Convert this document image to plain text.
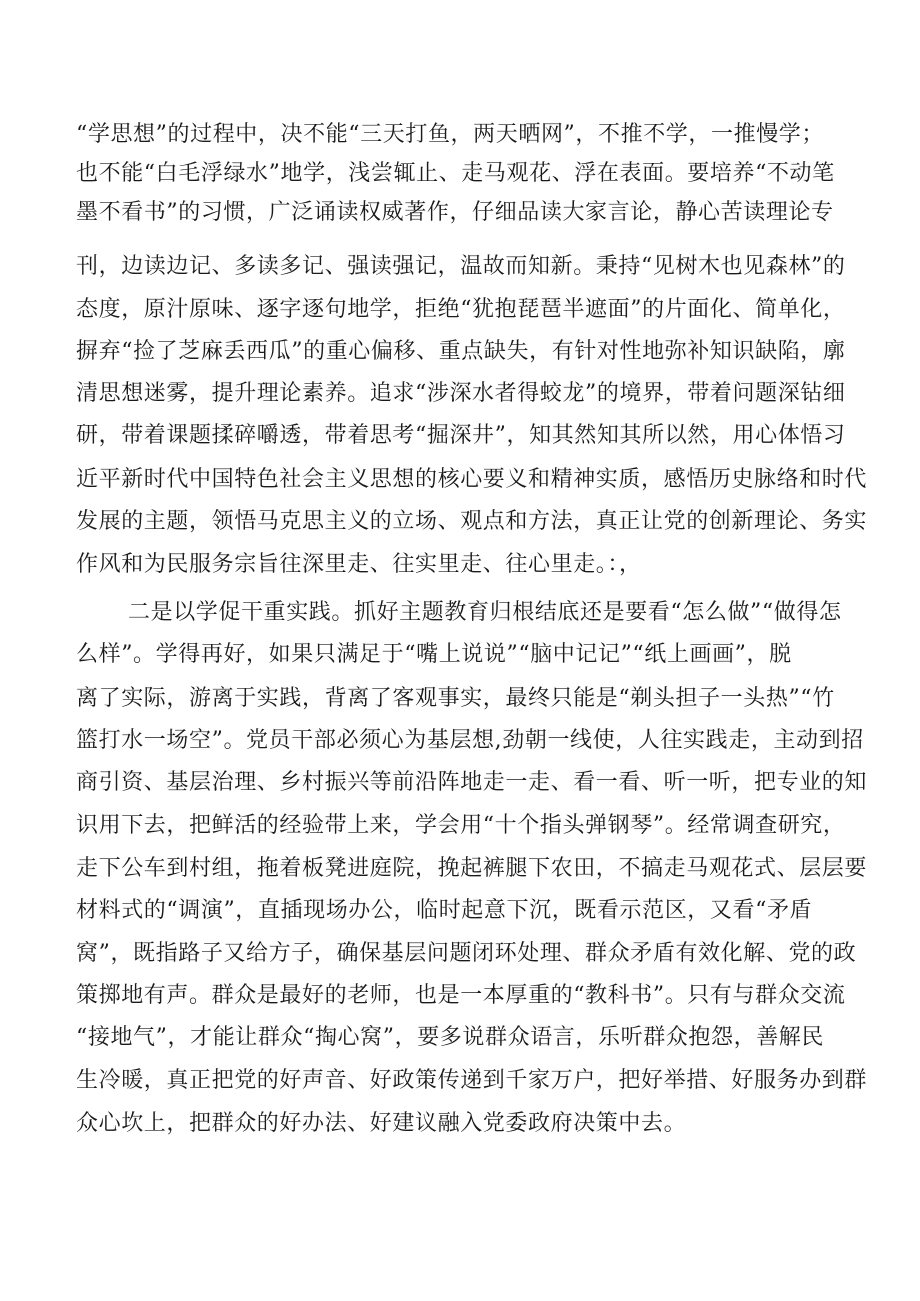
“学思想”的过程中，决不能“三天打鱼，两天晒网”，不推不学，一推慢学；
也不能“白毛浮绿水”地学，浅尝辄止、走马观花、浮在表面。要培养“不动笔
墨不看书”的习惯，广泛诵读权威著作，仔细品读大家言论，静心苦读理论专
刊，边读边记、多读多记、强读强记，温故而知新。秉持“见树木也见森林”的
态度，原汁原味、逐字逐句地学，拒绝“犹抱琵琶半遮面”的片面化、简单化，
摒弃“捡了芝麻丢西瓜”的重心偏移、重点缺失，有针对性地弥补知识缺陷，廓
清思想迷雾，提升理论素养。追求“涉深水者得蛟龙”的境界，带着问题深钻细
研，带着课题揉碎嚼透，带着思考“掘深井”，知其然知其所以然，用心体悟习
近平新时代中国特色社会主义思想的核心要义和精神实质，感悟历史脉络和时代
发展的主题，领悟马克思主义的立场、观点和方法，真正让党的创新理论、务实
作风和为民服务宗旨往深里走、往实里走、往心里走。：，
二是以学促干重实践。抓好主题教育归根结底还是要看“怎么做”“做得怎
么样”。学得再好，如果只满足于“嘴上说说”“脑中记记”“纸上画画”，脱
离了实际，游离于实践，背离了客观事实，最终只能是“剃头担子一头热”“竹
篮打水一场空”。党员干部必须心为基层想,劲朝一线使，人往实践走，主动到招
商引资、基层治理、乡村振兴等前沿阵地走一走、看一看、听一听，把专业的知
识用下去，把鲜活的经验带上来，学会用“十个指头弹钢琴”。经常调查研究，
走下公车到村组，拖着板凳进庭院，挽起裤腿下农田，不搞走马观花式、层层要
材料式的“调演”，直插现场办公，临时起意下沉，既看示范区，又看“矛盾
窝”，既指路子又给方子，确保基层问题闭环处理、群众矛盾有效化解、党的政
策掷地有声。群众是最好的老师，也是一本厚重的“教科书”。只有与群众交流
“接地气”，才能让群众“掏心窝”，要多说群众语言，乐听群众抱怨，善解民
生冷暖，真正把党的好声音、好政策传递到千家万户，把好举措、好服务办到群
众心坎上，把群众的好办法、好建议融入党委政府决策中去。
